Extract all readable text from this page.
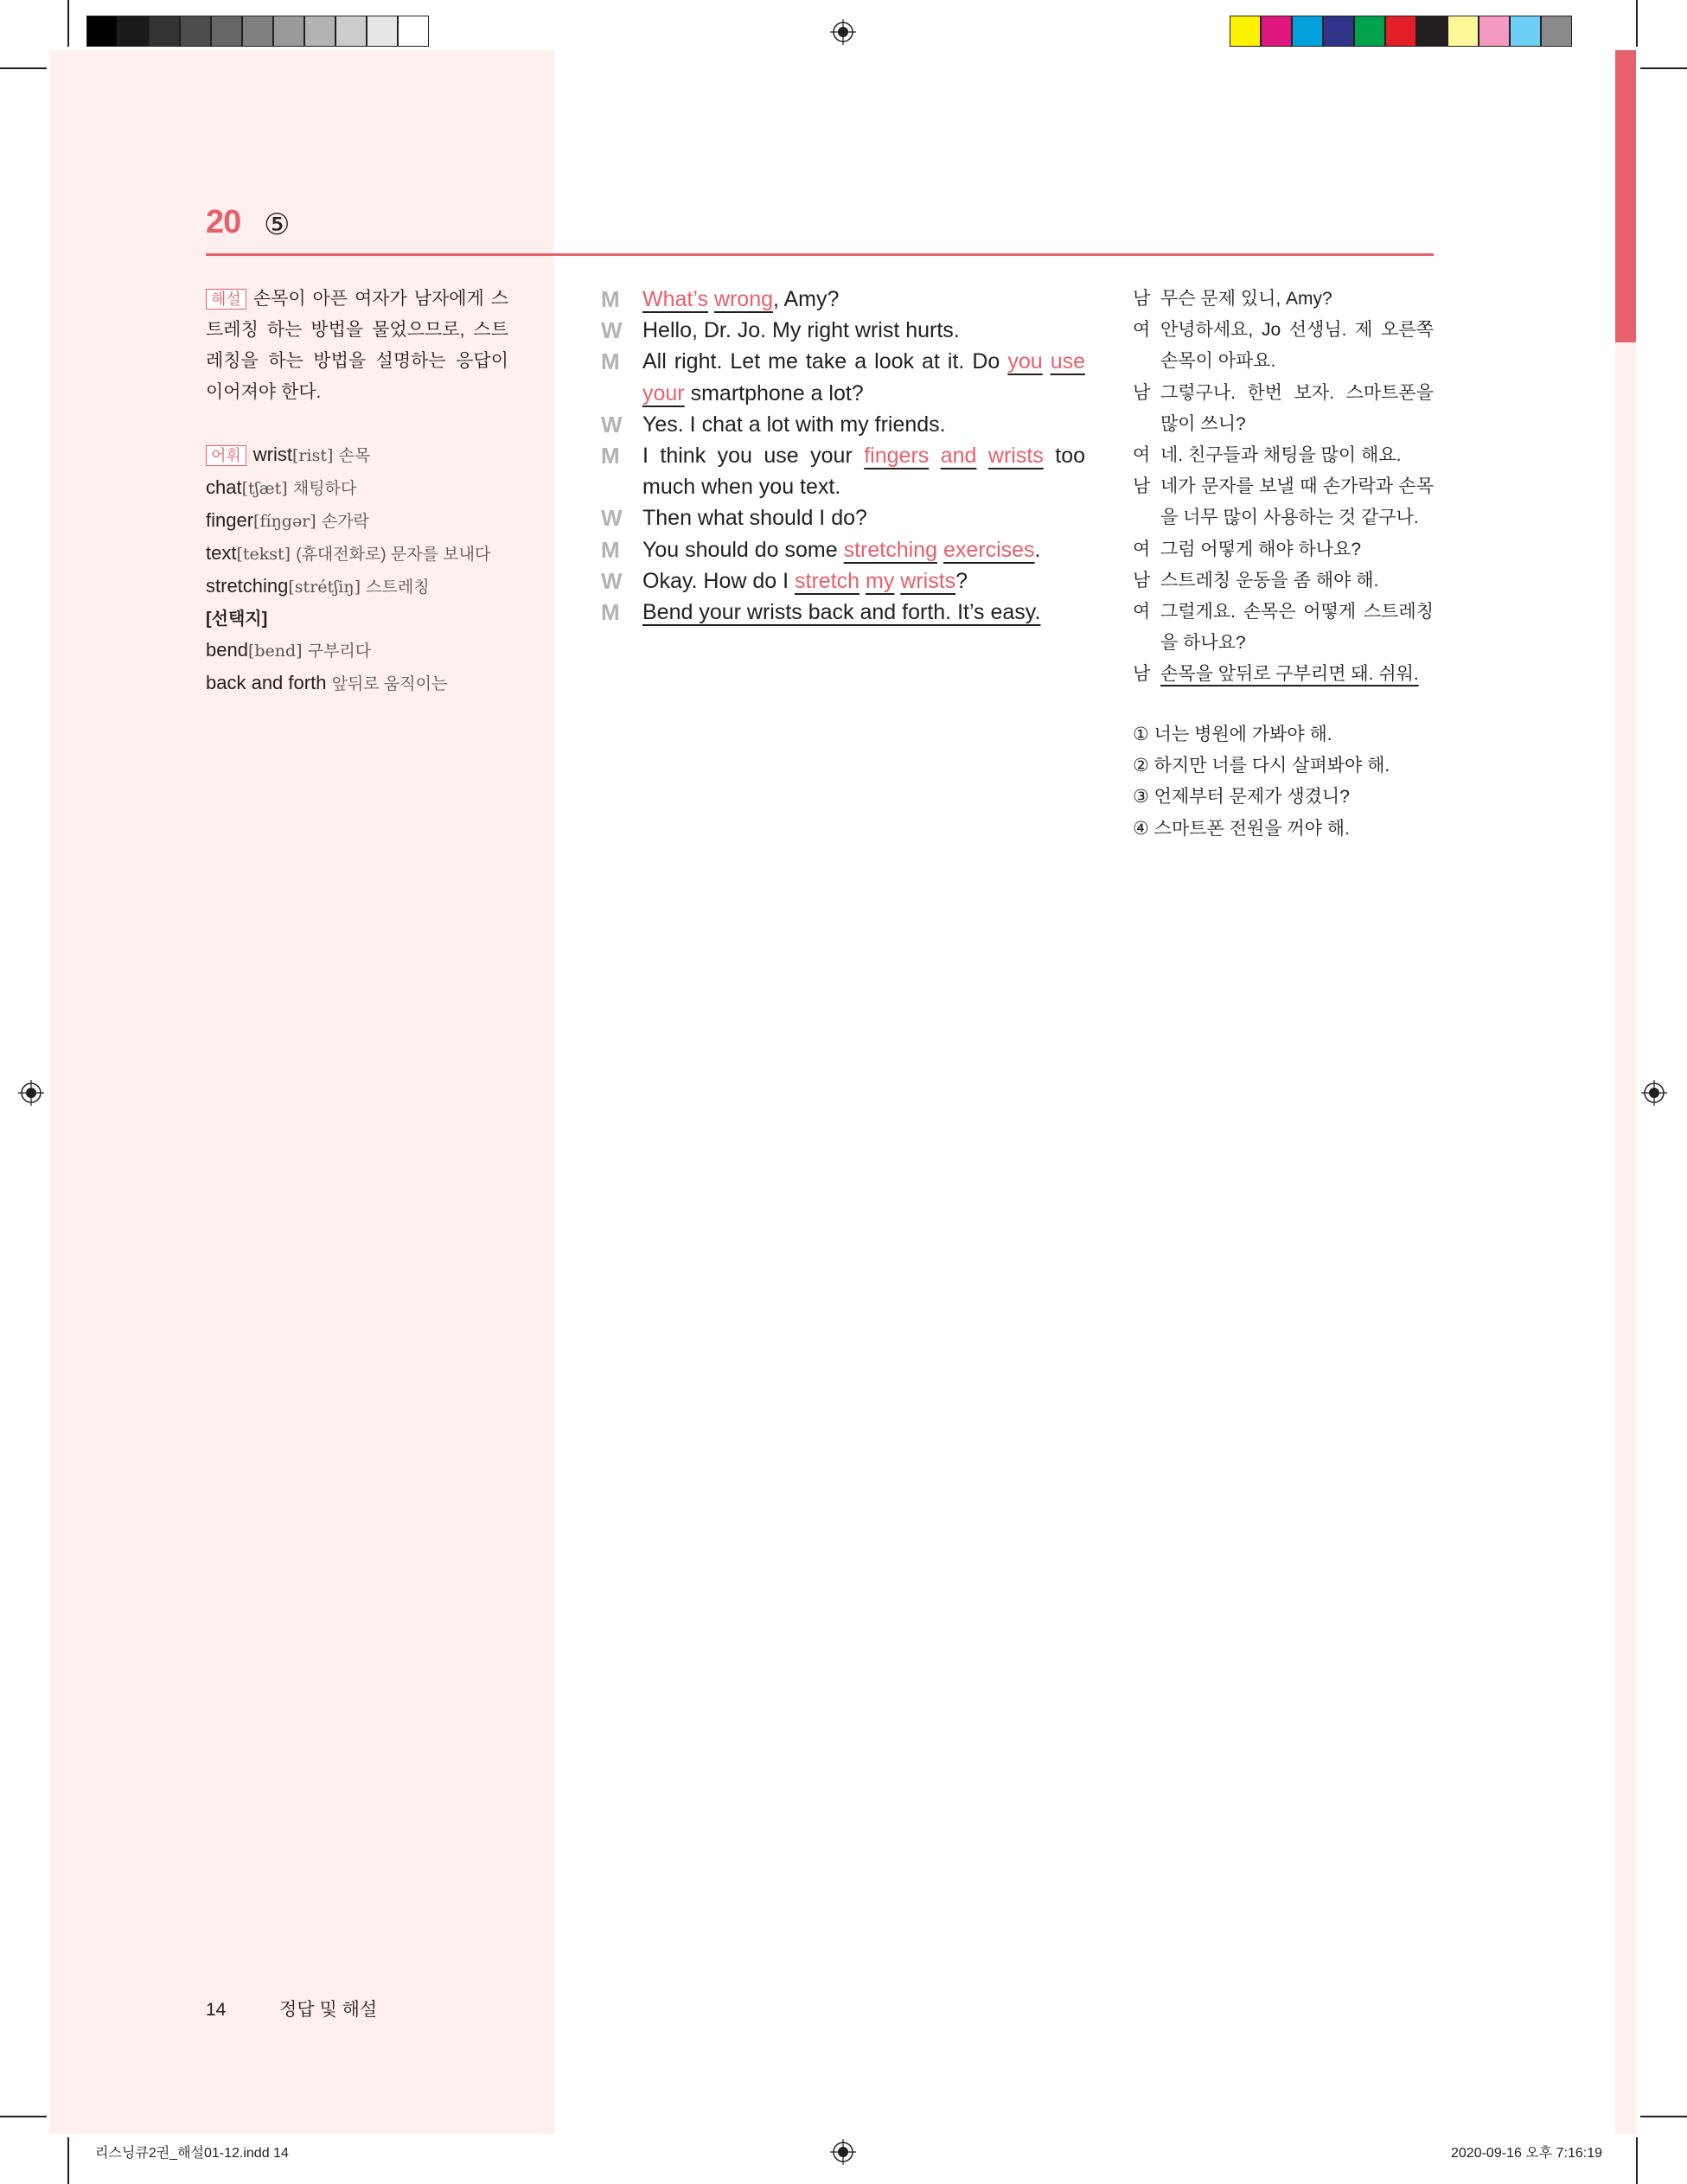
20 ⑤
해설 손목이 아픈 여자가 남자에게 스트레칭 하는 방법을 물었으므로, 스트레칭을 하는 방법을 설명하는 응답이 이어져야 한다.
어휘 wrist[rist] 손목
chat[tʃæt] 채팅하다
finger[fíŋgər] 손가락
text[tekst] (휴대전화로) 문자를 보내다
stretching[strétʃiŋ] 스트레칭
[선택지]
bend[bend] 구부리다
back and forth 앞뒤로 움직이는
M	What’s wrong, Amy?
W Hello, Dr. Jo. My right wrist hurts.
M	All right. Let me take a look at it. Do you use your smartphone a lot?
W Yes. I chat a lot with my friends.
M	I think you use your fingers and wrists too much when you text.
W Then what should I do?
M	You should do some stretching exercises.
W Okay. How do I stretch my wrists?
M	Bend your wrists back and forth. It’s easy.
남 무슨 문제 있니, Amy?
여 안녕하세요, Jo 선생님. 제 오른쪽 손목이 아파요.
남 그렇구나. 한번 보자. 스마트폰을 많이 쓰니?
여 네. 친구들과 채팅을 많이 해요.
남 네가 문자를 보낼 때 손가락과 손목을 너무 많이 사용하는 것 같구나.
여 그럼 어떻게 해야 하나요?
남 스트레칭 운동을 좀 해야 해.
여 그럴게요. 손목은 어떻게 스트레칭을 하나요?
남 손목을 앞뒤로 구부리면 돼. 쉬워.
① 너는 병원에 가봐야 해.
② 하지만 너를 다시 살펴봐야 해.
③ 언제부터 문제가 생겼니?
④ 스마트폰 전원을 꺼야 해.
14	정답 및 해설
리스닝큐2권_해설01-12.indd 14	2020-09-16 오후 7:16:19
